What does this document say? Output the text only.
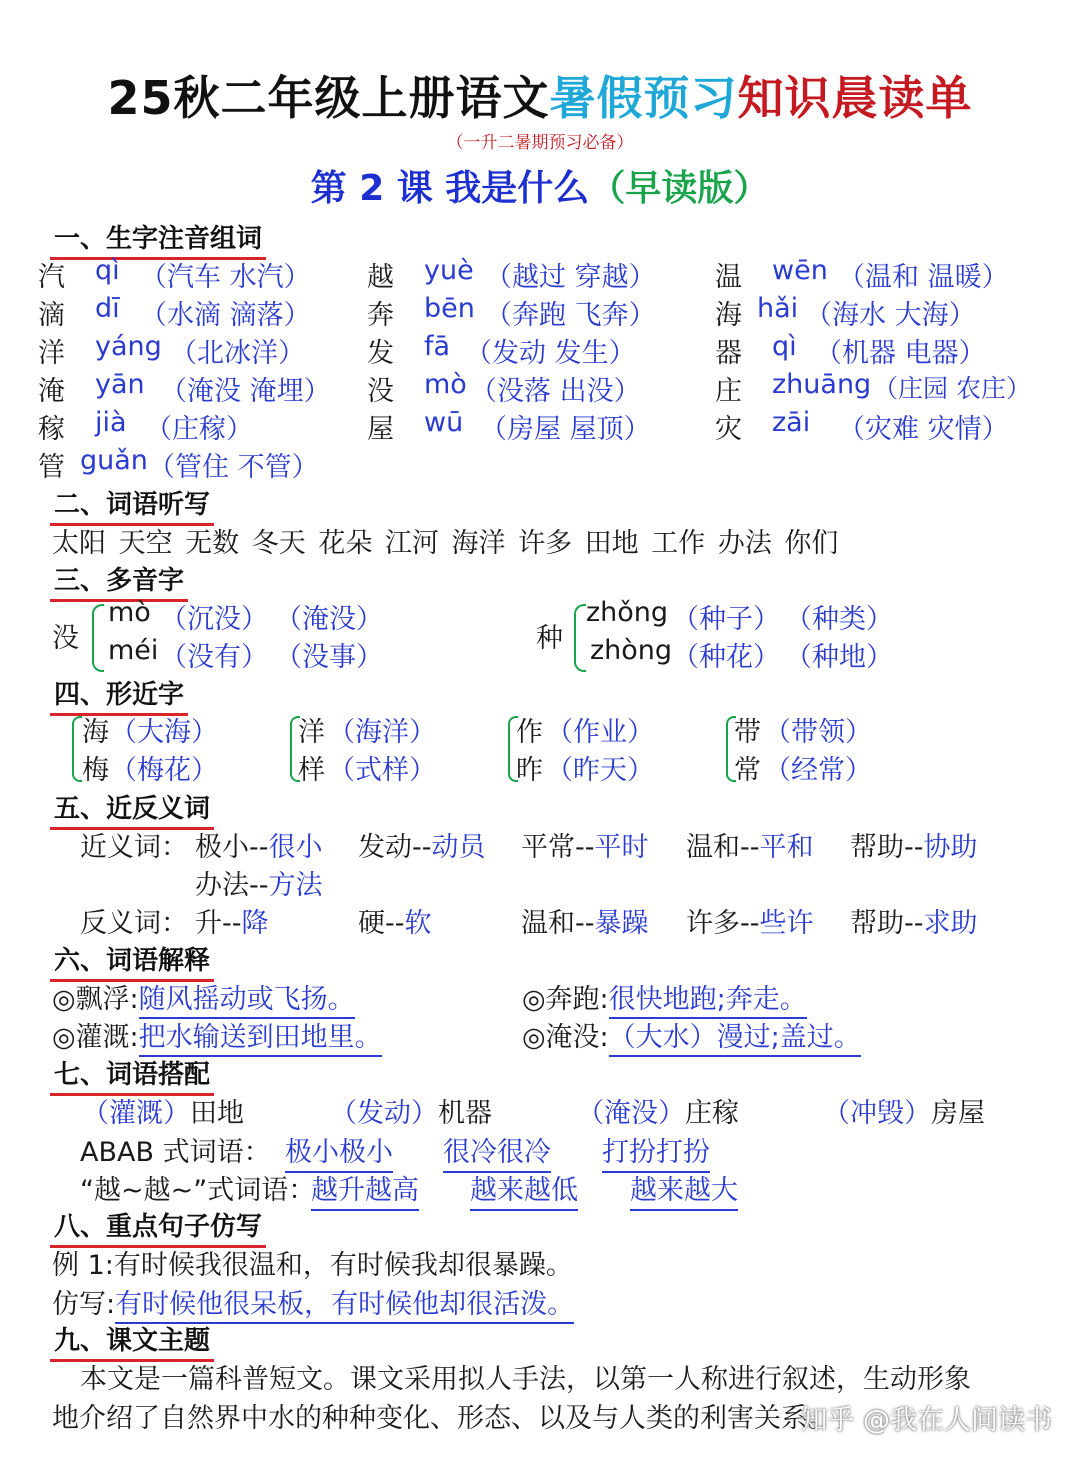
25秋二年级上册语文暑假预习知识晨读单
（一升二暑期预习必备）
第 2 课 我是什么（早读版）
一、生字注音组词
汽 qì （汽车 水汽） 越 yuè （越过 穿越） 温 wēn （温和 温暖）
滴 dī （水滴 滴落） 奔 bēn （奔跑 飞奔） 海 hǎi （海水 大海）
洋 yáng （北冰洋） 发 fā （发动 发生）	器 qì （机器 电器）
淹 yān （淹没 淹埋） 没 mò （没落 出没）	庄 zhuāng （庄园 农庄）
稼 jià （庄稼）	屋 wū （房屋 屋顶） 灾 zāi （灾难 灾情）
管 guǎn （管住 不管）
二、词语听写
太阳 天空 无数 冬天 花朵 江河 海洋 许多 田地 工作 办法 你们
三、多音字
没
mò （沉没） （淹没）
méi （没有） （没事）
种
zhǒng （种子） （种类）
zhòng （种花） （种地）
四、形近字
海 （大海）
梅 （梅花）
洋 （海洋）
样 （式样）
作 （作业）
昨 （昨天）
带 （带领）
常 （经常）
五、近反义词
近义词： 极小--很小 发动--动员 平常--平时 温和--平和 帮助--协助
办法--方法
反义词： 升--降	硬--软	温和--暴躁 许多--些许 帮助--求助
六、词语解释
◎飘浮:随风摇动或飞扬。	◎奔跑:很快地跑;奔走。
◎灌溉:把水输送到田地里。	◎淹没:（大水）漫过;盖过。
七、词语搭配
（灌溉）田地	（发动）机器	（淹没）庄稼	（冲毁）房屋
ABAB 式词语： 极小极小 很冷很冷 打扮打扮
“越~越~”式词语：
越升越高 越来越低 越来越大
八、重点句子仿写
例 1:有时候我很温和，有时候我却很暴躁。
仿写:有时候他很呆板，有时候他却很活泼。
九、课文主题
本文是一篇科普短文。课文采用拟人手法，以第一人称进行叙述，生动形象
地介绍了自然界中水的种种变化、形态、以及与人类的利害关系。
知乎 @我在人间读书
